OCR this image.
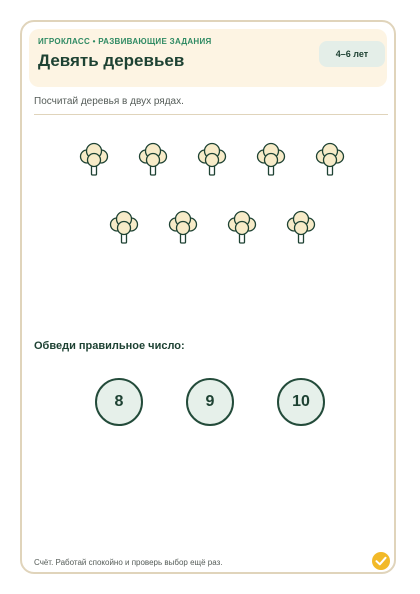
ИГРОКЛАСС • РАЗВИВАЮЩИЕ ЗАДАНИЯ
Девять деревьев	4–6 лет
Посчитай деревья в двух рядах.
Обведи правильное число:
8	9	10
Счёт. Работай спокойно и проверь выбор ещё раз.
